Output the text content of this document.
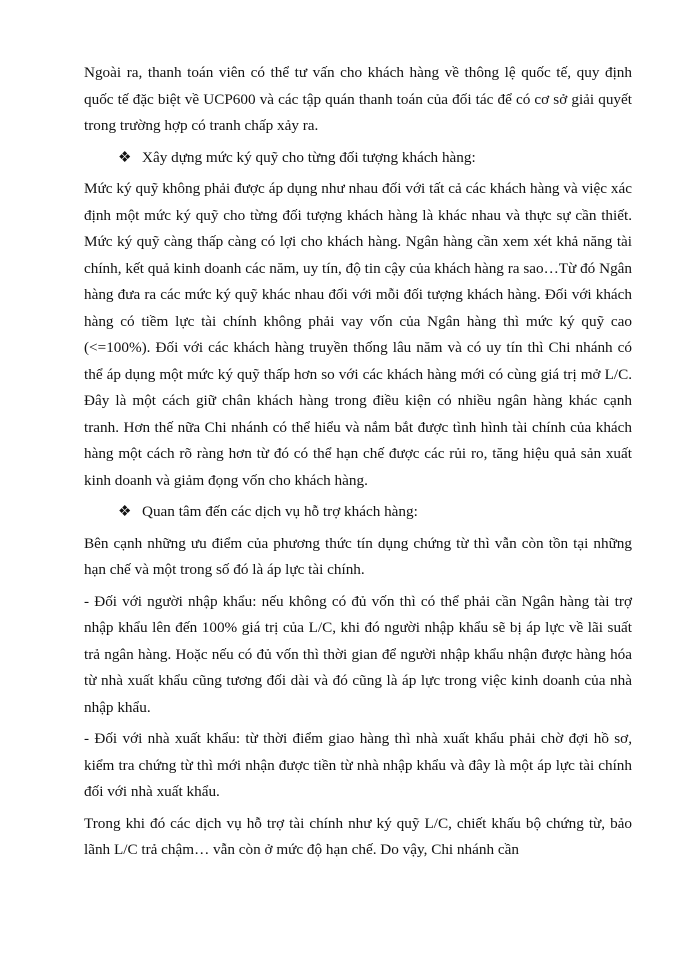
Ngoài ra, thanh toán viên có thể tư vấn cho khách hàng về thông lệ quốc tế, quy định quốc tế đặc biệt về UCP600 và các tập quán thanh toán của đối tác để có cơ sở giải quyết trong trường hợp có tranh chấp xảy ra.

❖ Xây dựng mức ký quỹ cho từng đối tượng khách hàng:

Mức ký quỹ không phải được áp dụng như nhau đối với tất cả các khách hàng và việc xác định một mức ký quỹ cho từng đối tượng khách hàng là khác nhau và thực sự cần thiết. Mức ký quỹ càng thấp càng có lợi cho khách hàng. Ngân hàng cần xem xét khả năng tài chính, kết quả kinh doanh các năm, uy tín, độ tin cậy của khách hàng ra sao…Từ đó Ngân hàng đưa ra các mức ký quỹ khác nhau đối với mỗi đối tượng khách hàng. Đối với khách hàng có tiềm lực tài chính không phải vay vốn của Ngân hàng thì mức ký quỹ cao (<=100%). Đối với các khách hàng truyền thống lâu năm và có uy tín thì Chi nhánh có thể áp dụng một mức ký quỹ thấp hơn so với các khách hàng mới có cùng giá trị mở L/C. Đây là một cách giữ chân khách hàng trong điều kiện có nhiều ngân hàng khác cạnh tranh. Hơn thế nữa Chi nhánh có thể hiểu và nắm bắt được tình hình tài chính của khách hàng một cách rõ ràng hơn từ đó có thể hạn chế được các rủi ro, tăng hiệu quả sản xuất kinh doanh và giảm đọng vốn cho khách hàng.

❖ Quan tâm đến các dịch vụ hỗ trợ khách hàng:

Bên cạnh những ưu điểm của phương thức tín dụng chứng từ thì vẫn còn tồn tại những hạn chế và một trong số đó là áp lực tài chính.

- Đối với người nhập khẩu: nếu không có đủ vốn thì có thể phải cần Ngân hàng tài trợ nhập khẩu lên đến 100% giá trị của L/C, khi đó người nhập khẩu sẽ bị áp lực về lãi suất trả ngân hàng. Hoặc nếu có đủ vốn thì thời gian để người nhập khẩu nhận được hàng hóa từ nhà xuất khẩu cũng tương đối dài và đó cũng là áp lực trong việc kinh doanh của nhà nhập khẩu.

- Đối với nhà xuất khẩu: từ thời điểm giao hàng thì nhà xuất khẩu phải chờ đợi hồ sơ, kiểm tra chứng từ thì mới nhận được tiền từ nhà nhập khẩu và đây là một áp lực tài chính đối với nhà xuất khẩu.

Trong khi đó các dịch vụ hỗ trợ tài chính như ký quỹ L/C, chiết khấu bộ chứng từ, bảo lãnh L/C trả chậm… vẫn còn ở mức độ hạn chế. Do vậy, Chi nhánh cần
